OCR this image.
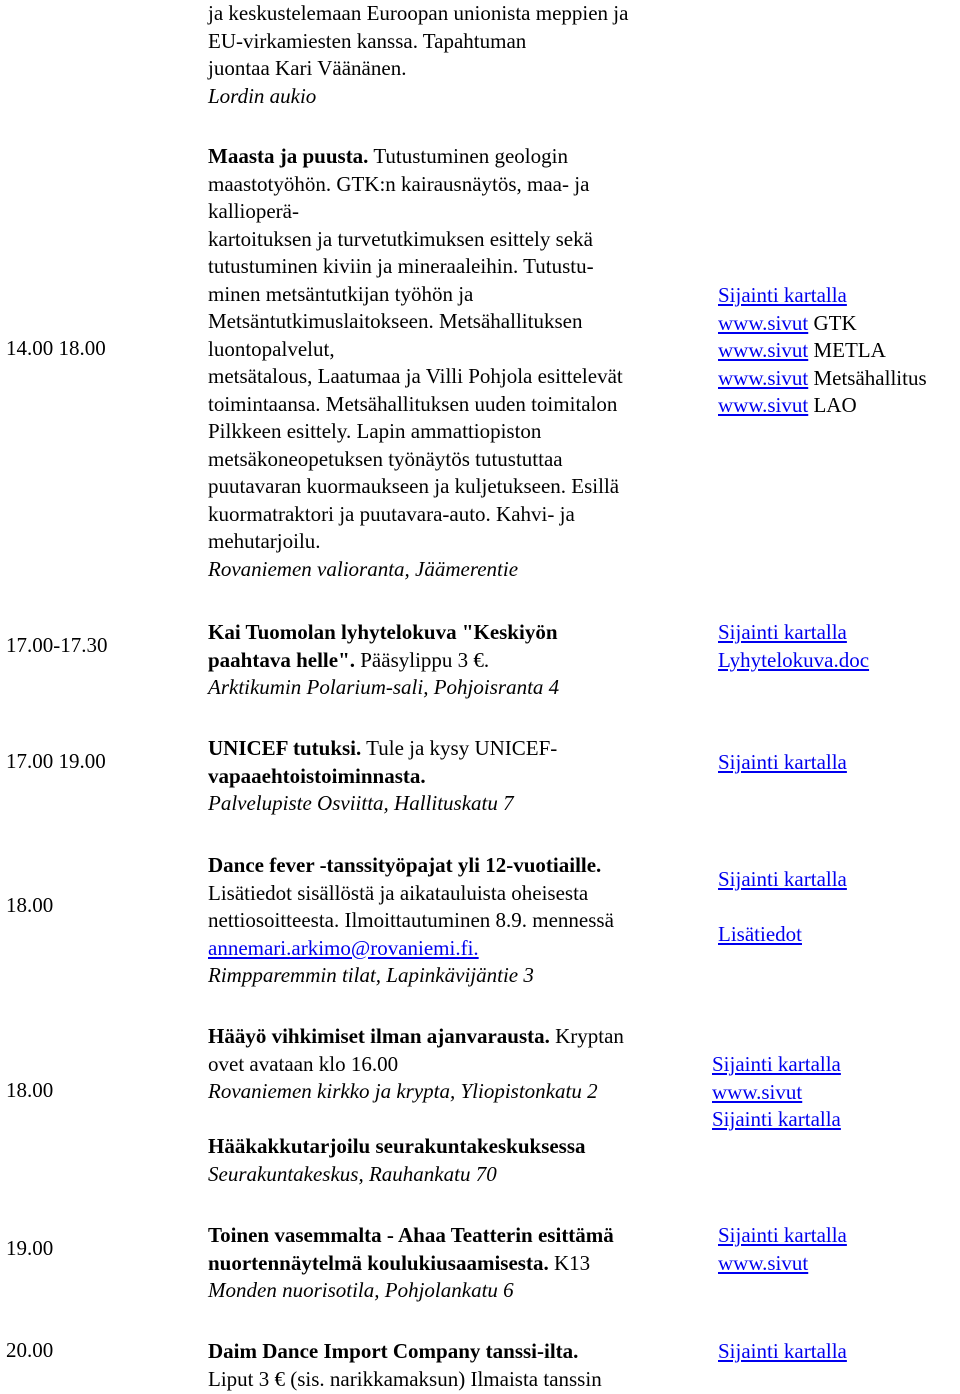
ja keskustelemaan Euroopan unionista meppien ja
EU-virkamiesten kanssa. Tapahtuman
juontaa Kari Väänänen.
Lordin aukio
14.00 18.00
Maasta ja puusta. Tutustuminen geologin
maastotyöhön. GTK:n kairausnäytös, maa- ja
kallioperä-
kartoituksen ja turvetutkimuksen esittely sekä
tutustuminen kiviin ja mineraaleihin. Tutustu-
minen metsäntutkijan työhön ja
Metsäntutkimuslaitokseen. Metsähallituksen
luontopalvelut,
metsätalous, Laatumaa ja Villi Pohjola esittelevät
toimintaansa. Metsähallituksen uuden toimitalon
Pilkkeen esittely. Lapin ammattiopiston
metsäkoneopetuksen työnäytös tutustuttaa
puutavaran kuormaukseen ja kuljetukseen. Esillä
kuormatraktori ja puutavara-auto. Kahvi- ja
mehutarjoilu.
Rovaniemen valioranta, Jäämerentie
Sijainti kartalla
www.sivut GTK
www.sivut METLA
www.sivut Metsähallitus
www.sivut LAO
17.00-17.30
Kai Tuomolan lyhytelokuva "Keskiyön
paahtava helle". Pääsylippu 3 €.
Arktikumin Polarium-sali, Pohjoisranta 4
Sijainti kartalla
Lyhytelokuva.doc
17.00 19.00
UNICEF tutuksi. Tule ja kysy UNICEF-
vapaaehtoistoiminnasta.
Palvelupiste Osviitta, Hallituskatu 7
Sijainti kartalla
18.00
Dance fever -tanssityöpajat yli 12-vuotiaille.
Lisätiedot sisällöstä ja aikatauluista oheisesta
nettiosoitteesta. Ilmoittautuminen 8.9. mennessä
annemari.arkimo@rovaniemi.fi.
Rimpparemmin tilat, Lapinkävijäntie 3
Sijainti kartalla
Lisätiedot
18.00
Hääyö vihkimiset ilman ajanvarausta. Kryptan
ovet avataan klo 16.00
Rovaniemen kirkko ja krypta, Yliopistonkatu 2
Hääkakkutarjoilu seurakuntakeskuksessa
Seurakuntakeskus, Rauhankatu 70
Sijainti kartalla
www.sivut
Sijainti kartalla
19.00
Toinen vasemmalta - Ahaa Teatterin esittämä
nuortennäytelmä koulukiusaamisesta. K13
Monden nuorisotila, Pohjolankatu 6
Sijainti kartalla
www.sivut
20.00	Daim Dance Import Company tanssi-ilta.
Liput 3 € (sis. narikkamaksun) Ilmaista tanssin
Sijainti kartalla
